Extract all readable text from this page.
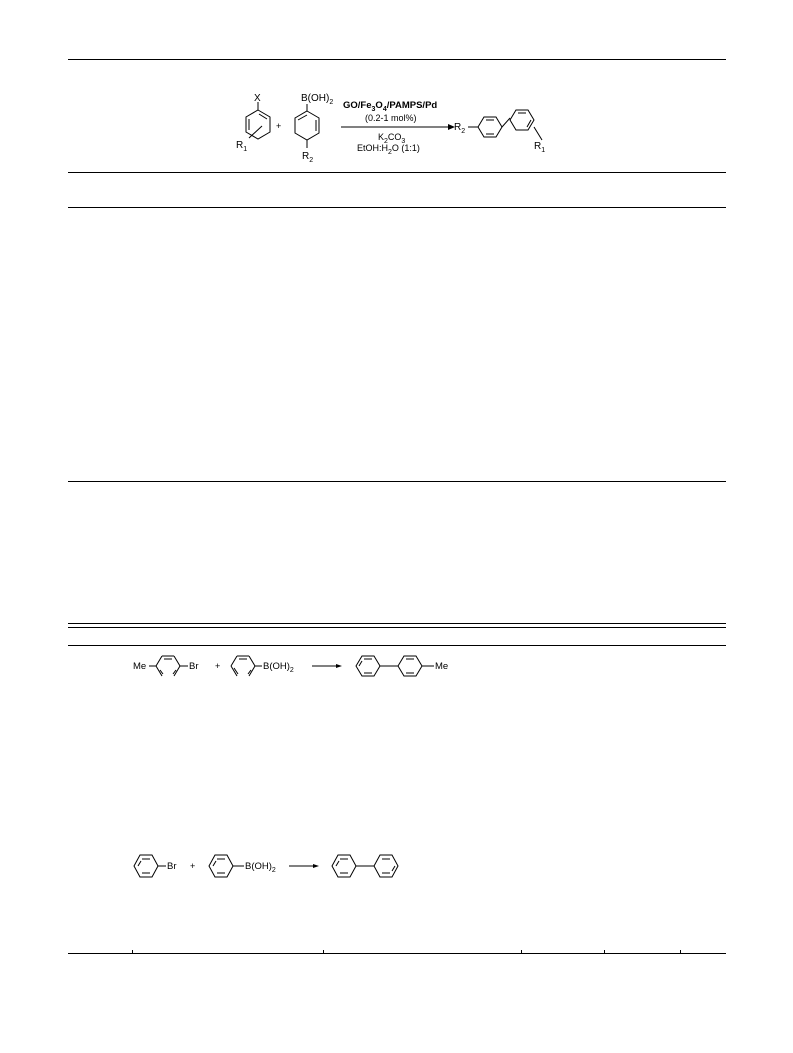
X
$R_1$
+
$B(OH)_2$
$R_2$
$GO/Fe_3O_4/PAMPS/Pd$
(0.2-1 mol%)
$K_2CO_3$
$EtOH:H_2O$ (1:1)
$R_2$
$R_1$
Me	Br +	$B(OH)_2$	Me
Br +	$B(OH)_2$
